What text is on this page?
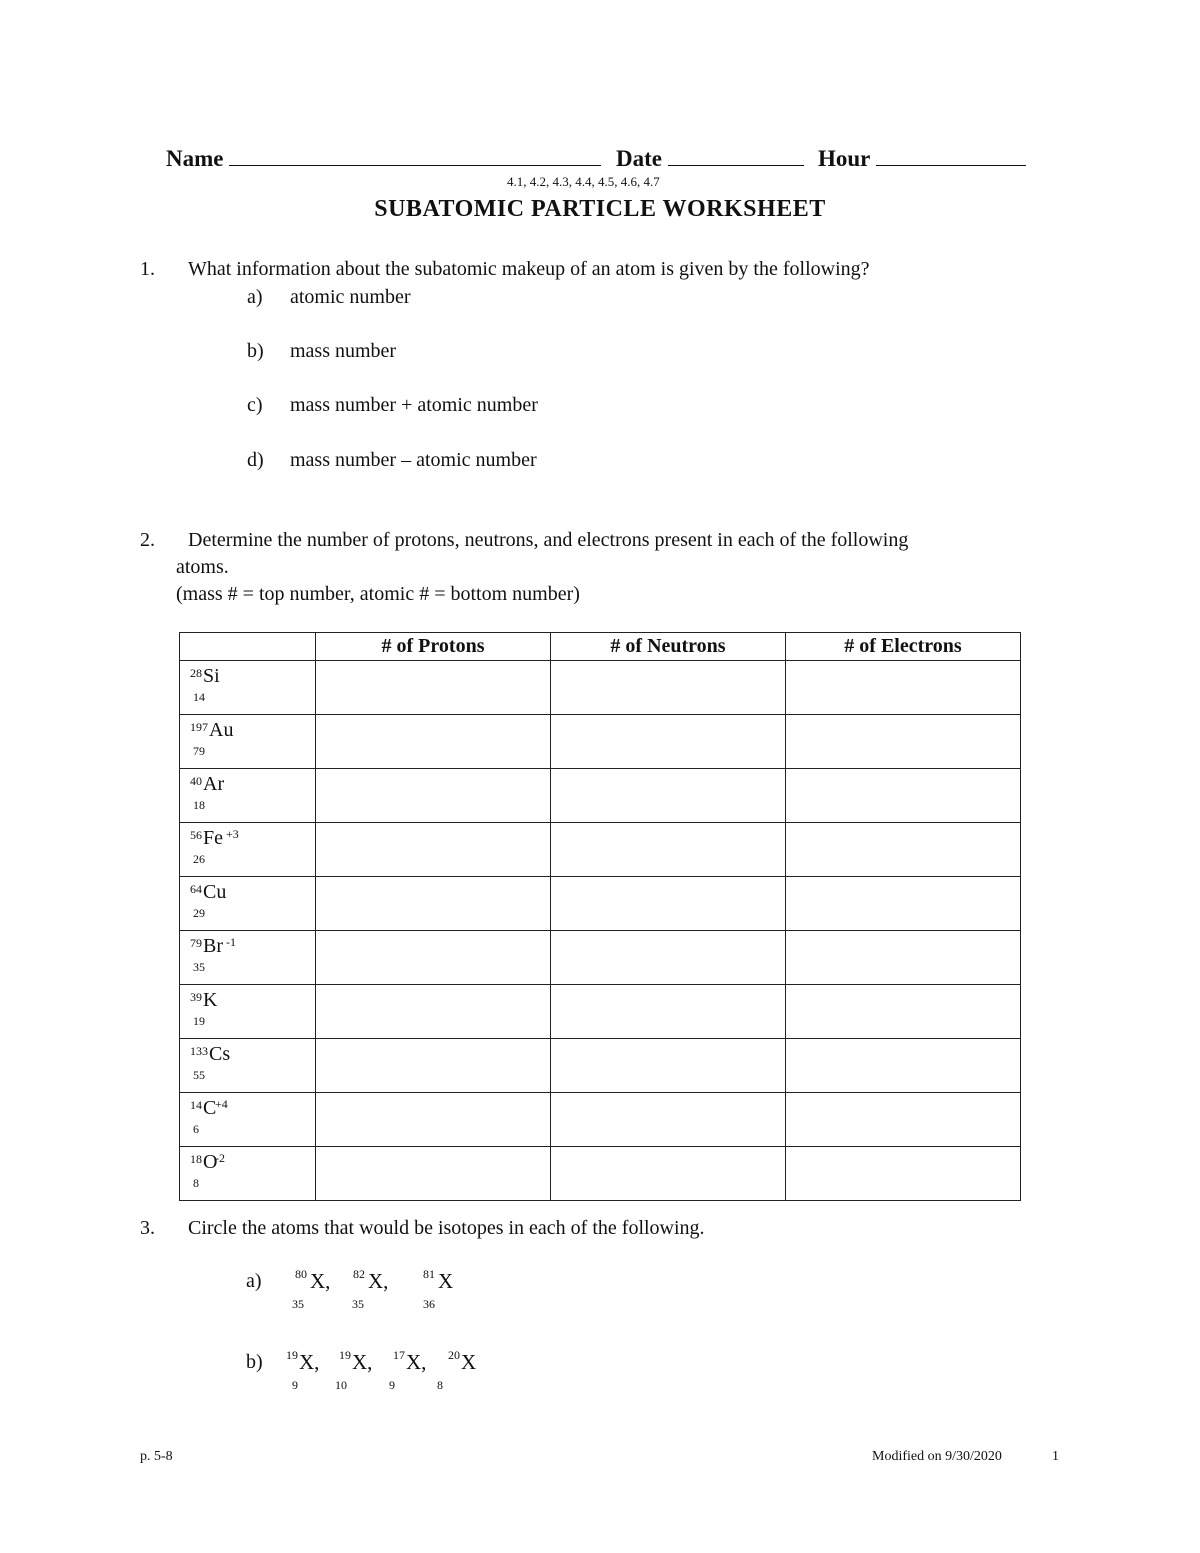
Name	Date	Hour
4.1, 4.2, 4.3, 4.4, 4.5, 4.6, 4.7
SUBATOMIC PARTICLE WORKSHEET
1. What information about the subatomic makeup of an atom is given by the following?
a) atomic number
b) mass number
c) mass number + atomic number
d) mass number – atomic number
2. Determine the number of protons, neutrons, and electrons present in each of the following
atoms.
(mass # = top number, atomic # = bottom number)
	# of Protons	# of Neutrons	# of Electrons

28 Si
14			

197 Au
79			

40 Ar
18			

56 Fe +3
26			

64 Cu
29			

79 Br -1
35			

39 K
19			

133 Cs
55			

14 C
+4
6			

18 O
-2
8			

3. Circle the atoms that would be isotopes in each of the following.
a)	80 X,
35
82 X,
35
81 X
36
b) 19 X,
9
19 X,
10
17 X,
9
20 X
8
p. 5-8	Modified on 9/30/2020	1
